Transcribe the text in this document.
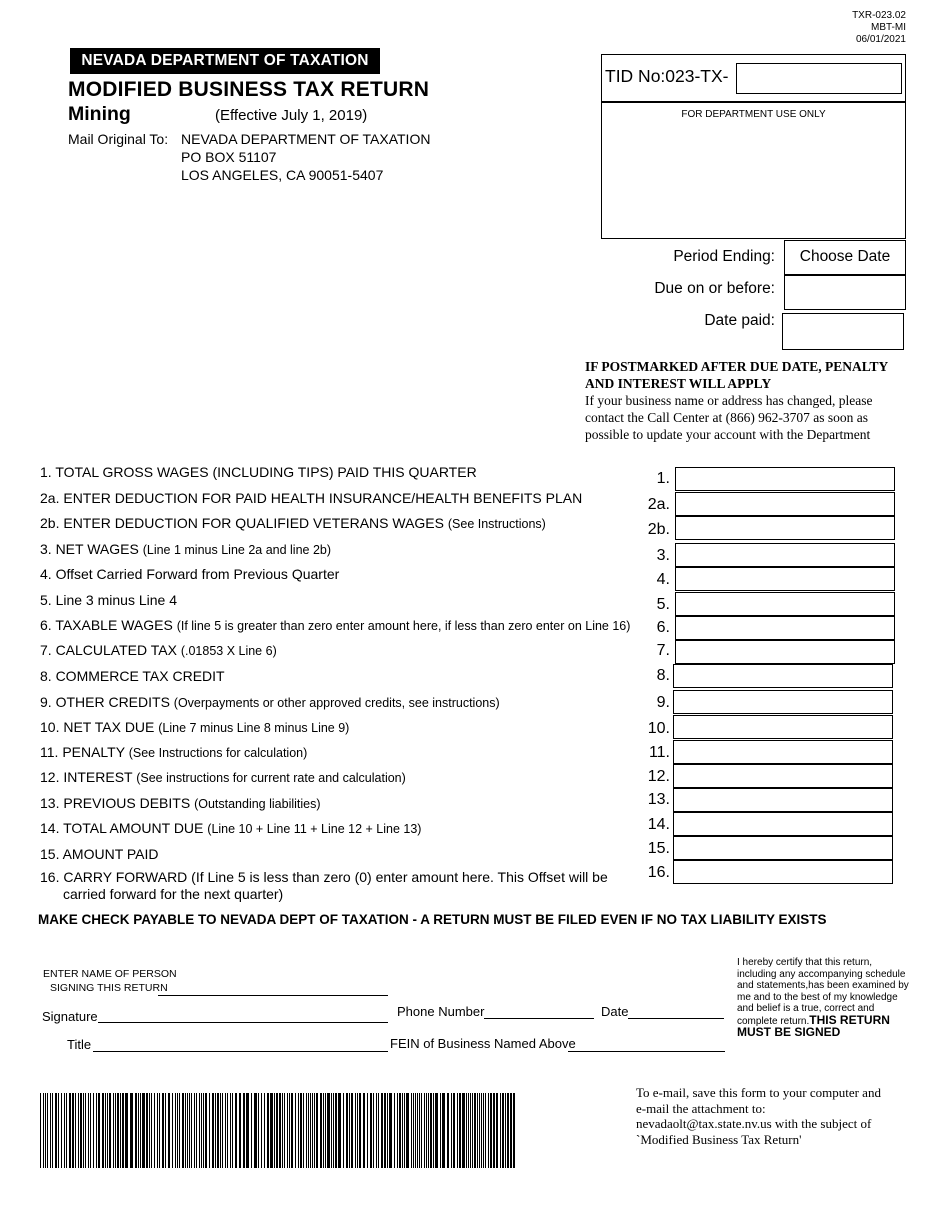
TXR-023.02
MBT-MI
06/01/2021
NEVADA DEPARTMENT OF TAXATION
MODIFIED BUSINESS TAX RETURN
Mining	(Effective July 1, 2019)
Mail Original To: NEVADA DEPARTMENT OF TAXATION
PO BOX 51107
LOS ANGELES, CA 90051-5407
TID No:023-TX-
FOR DEPARTMENT USE ONLY
Period Ending:	Choose Date
Due on or before:
Date paid:
IF POSTMARKED AFTER DUE DATE, PENALTY AND INTEREST WILL APPLY
If your business name or address has changed, please contact the Call Center at (866) 962-3707 as soon as possible to update your account with the Department
1. TOTAL GROSS WAGES (INCLUDING TIPS) PAID THIS QUARTER	1.
2a. ENTER DEDUCTION FOR PAID HEALTH INSURANCE/HEALTH BENEFITS PLAN	2a.
2b. ENTER DEDUCTION FOR QUALIFIED VETERANS WAGES (See Instructions)	2b.
3. NET WAGES (Line 1 minus Line 2a and line 2b)	3.
4. Offset Carried Forward from Previous Quarter	4.
5. Line 3 minus Line 4	5.
6. TAXABLE WAGES (If line 5 is greater than zero enter amount here, if less than zero enter on Line 16)	6.
7. CALCULATED TAX (.01853 X Line 6)	7.
8. COMMERCE TAX CREDIT	8.
9. OTHER CREDITS (Overpayments or other approved credits, see instructions)	9.
10. NET TAX DUE (Line 7 minus Line 8 minus Line 9)	10.
11. PENALTY (See Instructions for calculation)	11.
12. INTEREST (See instructions for current rate and calculation)	12.
13. PREVIOUS DEBITS (Outstanding liabilities)	13.
14. TOTAL AMOUNT DUE (Line 10 + Line 11 + Line 12 + Line 13)	14.
15. AMOUNT PAID	15.
16. CARRY FORWARD (If Line 5 is less than zero (0) enter amount here. This Offset will be
carried forward for the next quarter)
16.
MAKE CHECK PAYABLE TO NEVADA DEPT OF TAXATION - A RETURN MUST BE FILED EVEN IF NO TAX LIABILITY EXISTS
ENTER NAME OF PERSON
SIGNING THIS RETURN
Signature
Title
Phone Number	Date
FEIN of Business Named Above
I hereby certify that this return, including any accompanying schedule and statements,has been examined by me and to the best of my knowledge and belief is a true, correct and complete return.THIS RETURN MUST BE SIGNED
To e-mail, save this form to your computer and e-mail the attachment to: nevadaolt@tax.state.nv.us with the subject of `Modified Business Tax Return'
